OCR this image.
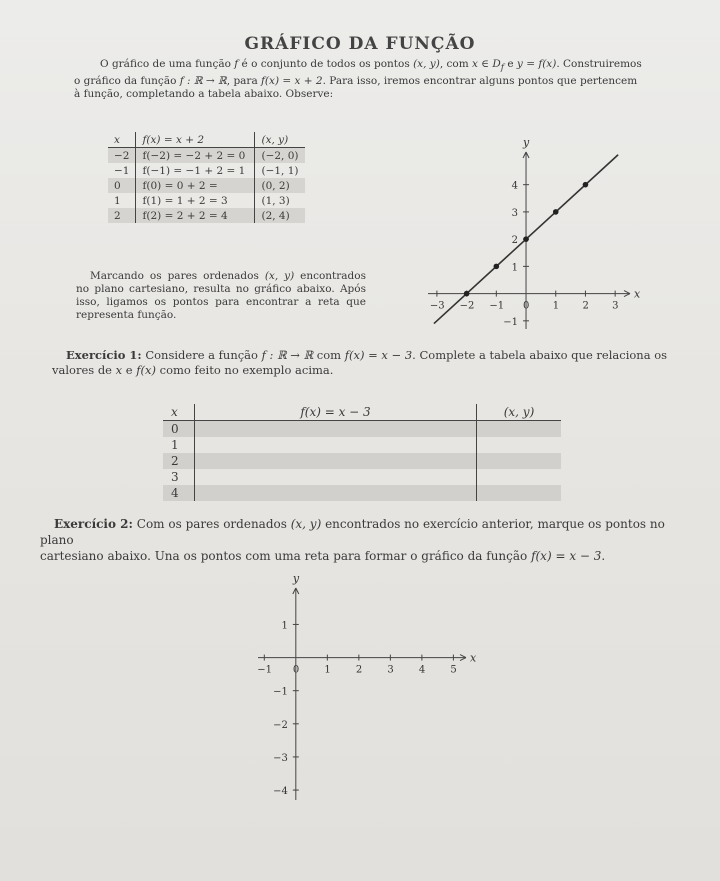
GRÁFICO DA FUNÇÃO

O gráfico de uma função f é o conjunto de todos os pontos (x, y), com x ∈ $D_f$ e y = f(x). Construiremos

o gráfico da função f : ℝ → ℝ, para f(x) = x + 2. Para isso, iremos encontrar alguns pontos que pertencem
à função, completando a tabela abaixo. Observe:
x	f(x) = x + 2	(x, y)
−2	f(−2) = −2 + 2 = 0	(−2, 0)
−1	f(−1) = −1 + 2 = 1	(−1, 1)
0	f(0) = 0 + 2 =	(0, 2)
1	f(1) = 1 + 2 = 3	(1, 3)
2	f(2) = 2 + 2 = 4	(2, 4)

Marcando os pares ordenados (x, y) encontrados no plano cartesiano, resulta no gráfico abaixo. Após isso, ligamos os pontos para encontrar a reta que representa função.

x
y
−3 −2 −1 0 1 2 3
−1
1
2
3
4

Exercício 1: Considere a função f : ℝ → ℝ com f(x) = x − 3. Complete a tabela abaixo que relaciona os

valores de x e f(x) como feito no exemplo acima.
x	f(x) = x − 3	(x, y)
0		
1		
2		
3		
4		

Exercício 2: Com os pares ordenados (x, y) encontrados no exercício anterior, marque os pontos no plano

cartesiano abaixo. Una os pontos com uma reta para formar o gráfico da função f(x) = x − 3.
x
y
−1 0	1	2	3	4	5
1
−1
−2
−3
−4
